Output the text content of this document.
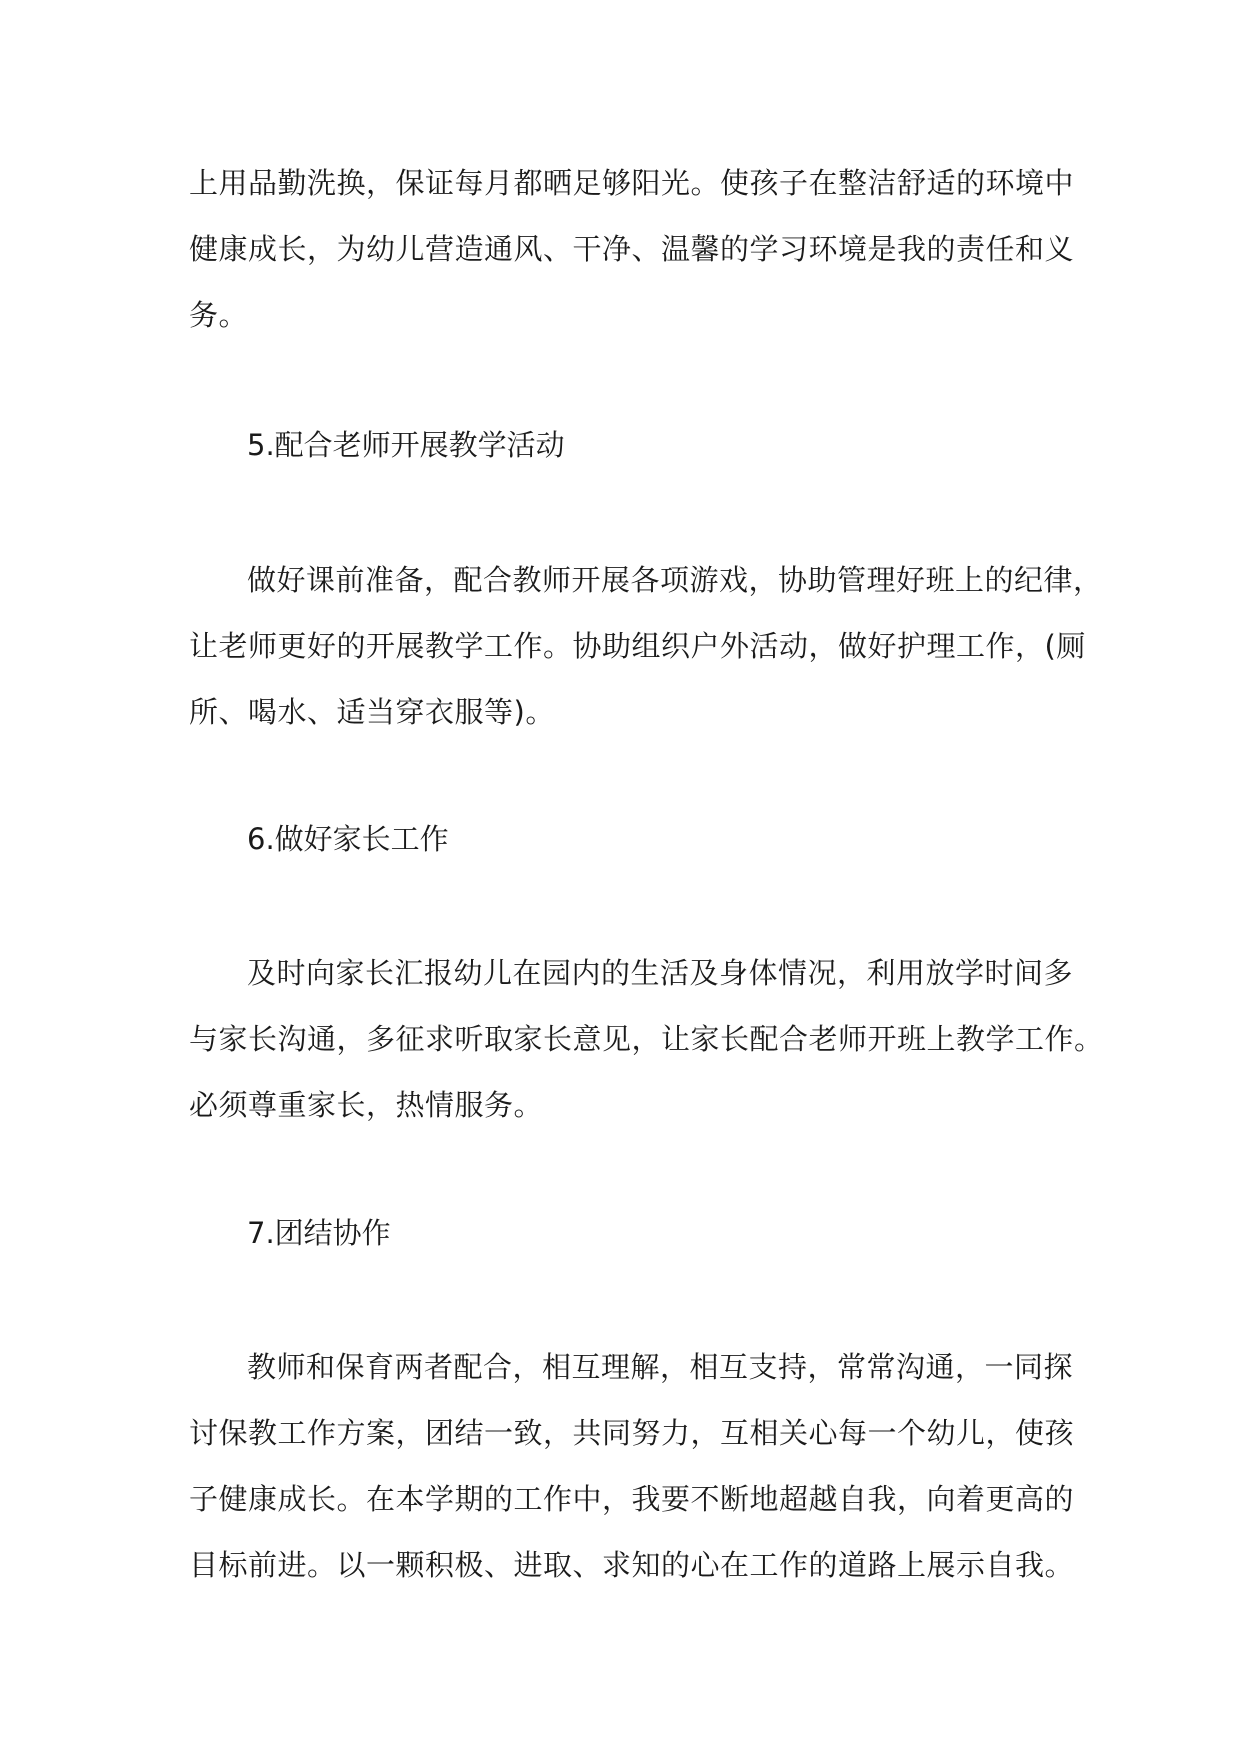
上用品勤洗换，保证每月都晒足够阳光。使孩子在整洁舒适的环境中
健康成长，为幼儿营造通风、干净、温馨的学习环境是我的责任和义
务。
5.配合老师开展教学活动
做好课前准备，配合教师开展各项游戏，协助管理好班上的纪律，
让老师更好的开展教学工作。协助组织户外活动，做好护理工作，(厕
所、喝水、适当穿衣服等)。
6.做好家长工作
及时向家长汇报幼儿在园内的生活及身体情况，利用放学时间多
与家长沟通，多征求听取家长意见，让家长配合老师开班上教学工作。
必须尊重家长，热情服务。
7.团结协作
教师和保育两者配合，相互理解，相互支持，常常沟通，一同探
讨保教工作方案，团结一致，共同努力，互相关心每一个幼儿，使孩
子健康成长。在本学期的工作中，我要不断地超越自我，向着更高的
目标前进。以一颗积极、进取、求知的心在工作的道路上展示自我。
